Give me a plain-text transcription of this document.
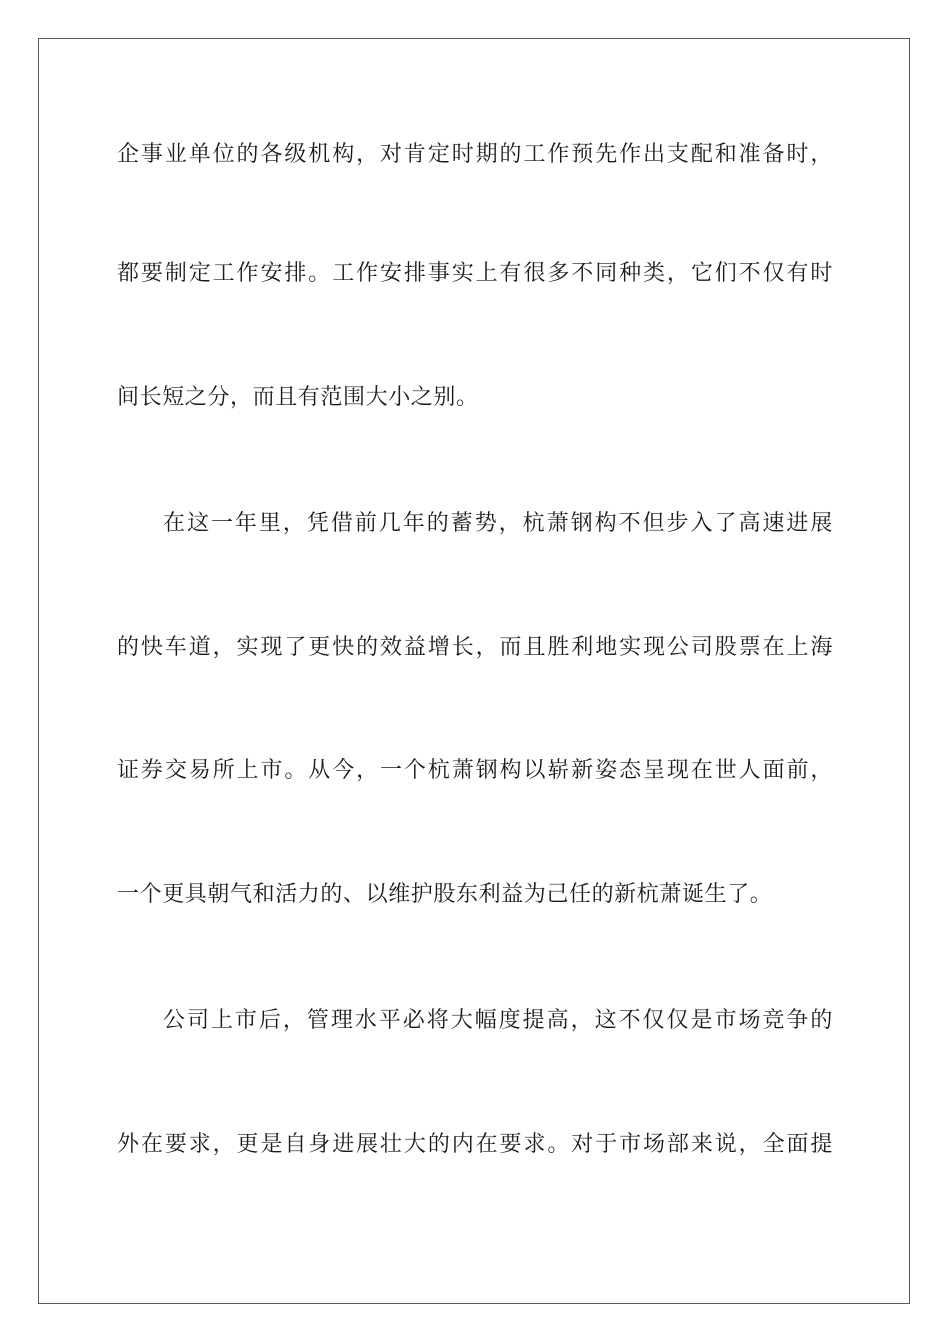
企事业单位的各级机构，对肯定时期的工作预先作出支配和准备时，

都要制定工作安排。工作安排事实上有很多不同种类，它们不仅有时

间长短之分，而且有范围大小之别。

在这一年里，凭借前几年的蓄势，杭萧钢构不但步入了高速进展

的快车道，实现了更快的效益增长，而且胜利地实现公司股票在上海

证券交易所上市。从今，一个杭萧钢构以崭新姿态呈现在世人面前，

一个更具朝气和活力的、以维护股东利益为己任的新杭萧诞生了。

公司上市后，管理水平必将大幅度提高，这不仅仅是市场竞争的

外在要求，更是自身进展壮大的内在要求。对于市场部来说，全面提
